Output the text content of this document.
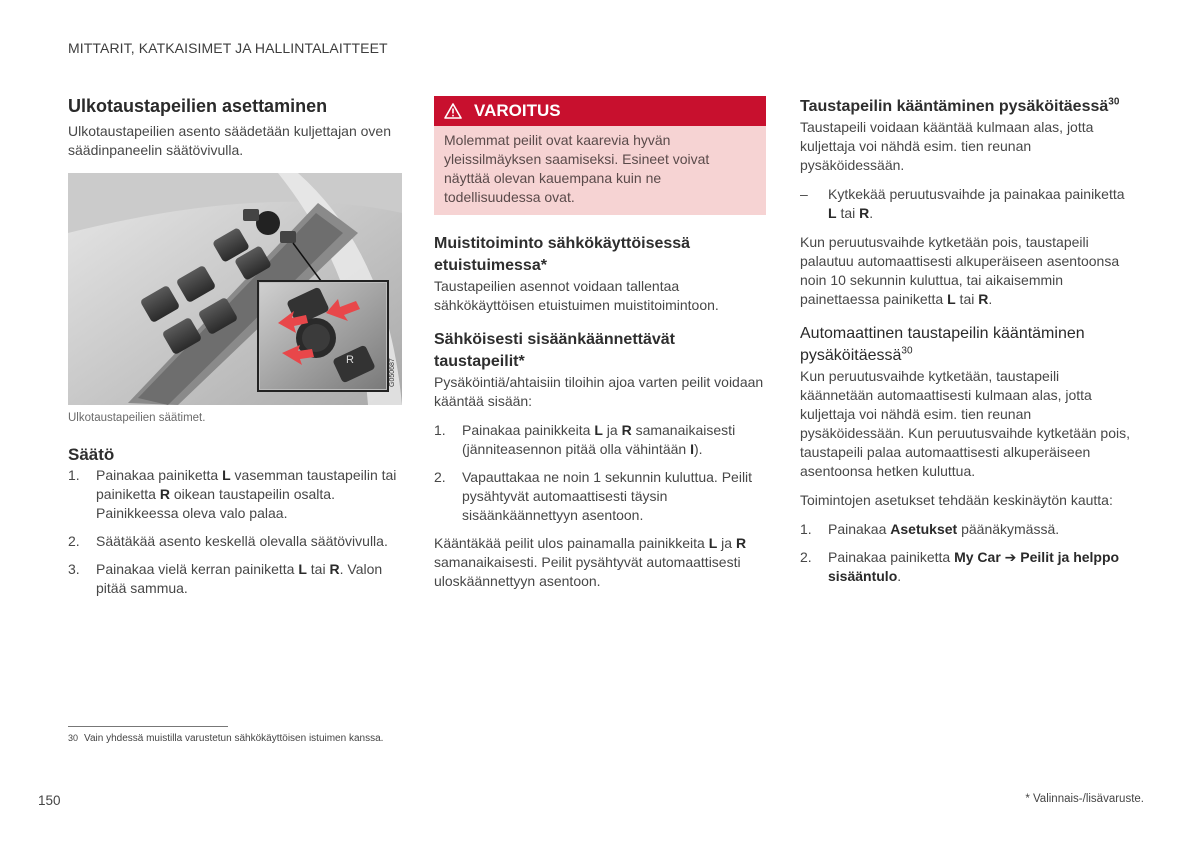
MITTARIT, KATKAISIMET JA HALLINTALAITTEET
Ulkotaustapeilien asettaminen

Ulkotaustapeilien asento säädetään kuljettajan oven säädinpaneelin säätövivulla.

R	G050687
Ulkotaustapeilien säätimet.
Säätö
1.	Painakaa painiketta L vasemman taustapeilin tai painiketta R oikean taustapeilin osalta. Painikkeessa oleva valo palaa.
2.	Säätäkää asento keskellä olevalla säätövivulla.
3.	Painakaa vielä kerran painiketta L tai R. Valon pitää sammua.
VAROITUS

Molemmat peilit ovat kaarevia hyvän yleissilmäyksen saamiseksi. Esineet voivat näyttää olevan kauempana kuin ne todellisuudessa ovat.

Muistitoiminto sähkökäyttöisessä etuistuimessa*

Taustapeilien asennot voidaan tallentaa sähkökäyttöisen etuistuimen muistitoimintoon.

Sähköisesti sisäänkäännettävät taustapeilit*

Pysäköintiä/ahtaisiin tiloihin ajoa varten peilit voidaan kääntää sisään:

1.	Painakaa painikkeita L ja R samanaikaisesti (jänniteasennon pitää olla vähintään I).
2.	Vapauttakaa ne noin 1 sekunnin kuluttua. Peilit pysähtyvät automaattisesti täysin sisäänkäännettyyn asentoon.

Kääntäkää peilit ulos painamalla painikkeita L ja R samanaikaisesti. Peilit pysähtyvät automaattisesti uloskäännettyyn asentoon.

Taustapeilin kääntäminen pysäköitäessä$^{30}$

Taustapeili voidaan kääntää kulmaan alas, jotta kuljettaja voi nähdä esim. tien reunan pysäköidessään.

–	Kytkekää peruutusvaihde ja painakaa painiketta L tai R.

Kun peruutusvaihde kytketään pois, taustapeili palautuu automaattisesti alkuperäiseen asentoonsa noin 10 sekunnin kuluttua, tai aikaisemmin painettaessa painiketta L tai R.

Automaattinen taustapeilin kääntäminen pysäköitäessä$^{30}$

Kun peruutusvaihde kytketään, taustapeili käännetään automaattisesti kulmaan alas, jotta kuljettaja voi nähdä esim. tien reunan pysäköidessään. Kun peruutusvaihde kytketään pois, taustapeili palaa automaattisesti alkuperäiseen asentoonsa hetken kuluttua.

Toimintojen asetukset tehdään keskinäytön kautta:

1.	Painakaa Asetukset päänäkymässä.
2.	Painakaa painiketta My Car ➔ Peilit ja helppo sisääntulo.
30 Vain yhdessä muistilla varustetun sähkökäyttöisen istuimen kanssa.
150	* Valinnais-/lisävaruste.
